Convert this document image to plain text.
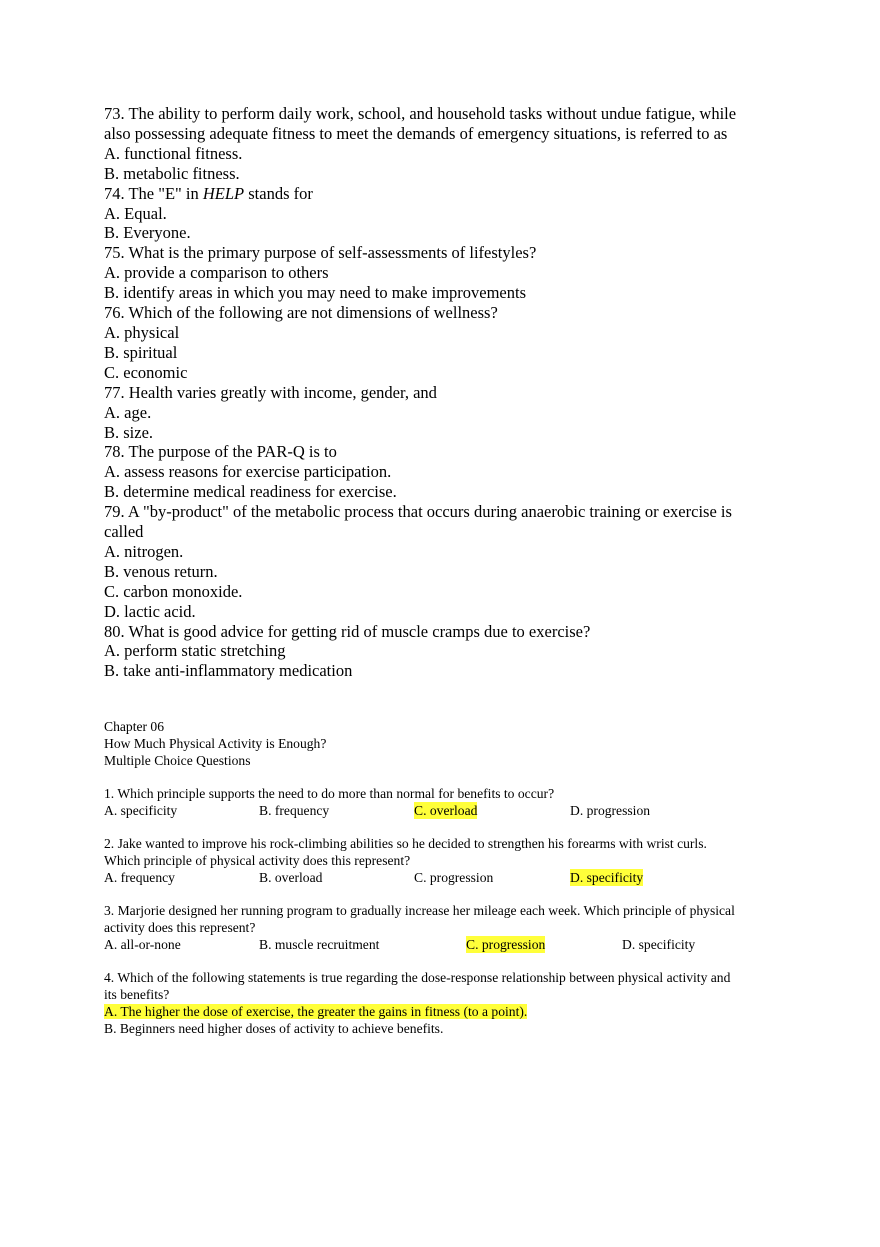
73. The ability to perform daily work, school, and household tasks without undue fatigue, while
also possessing adequate fitness to meet the demands of emergency situations, is referred to as
A. functional fitness.
B. metabolic fitness.
74. The "E" in HELP stands for
A. Equal.
B. Everyone.
75. What is the primary purpose of self-assessments of lifestyles?
A. provide a comparison to others
B. identify areas in which you may need to make improvements
76. Which of the following are not dimensions of wellness?
A. physical
B. spiritual
C. economic
77. Health varies greatly with income, gender, and
A. age.
B. size.
78. The purpose of the PAR-Q is to
A. assess reasons for exercise participation.
B. determine medical readiness for exercise.
79. A "by-product" of the metabolic process that occurs during anaerobic training or exercise is
called
A. nitrogen.
B. venous return.
C. carbon monoxide.
D. lactic acid.
80. What is good advice for getting rid of muscle cramps due to exercise?
A. perform static stretching
B. take anti-inflammatory medication
Chapter 06
How Much Physical Activity is Enough?
Multiple Choice Questions
1. Which principle supports the need to do more than normal for benefits to occur?
A. specificity	B. frequency	C. overload	D. progression
2. Jake wanted to improve his rock-climbing abilities so he decided to strengthen his forearms with wrist curls.
Which principle of physical activity does this represent?
A. frequency	B. overload	C. progression	D. specificity
3. Marjorie designed her running program to gradually increase her mileage each week. Which principle of physical
activity does this represent?
A. all-or-none	B. muscle recruitment	C. progression	D. specificity
4. Which of the following statements is true regarding the dose-response relationship between physical activity and
its benefits?
A. The higher the dose of exercise, the greater the gains in fitness (to a point).
B. Beginners need higher doses of activity to achieve benefits.
